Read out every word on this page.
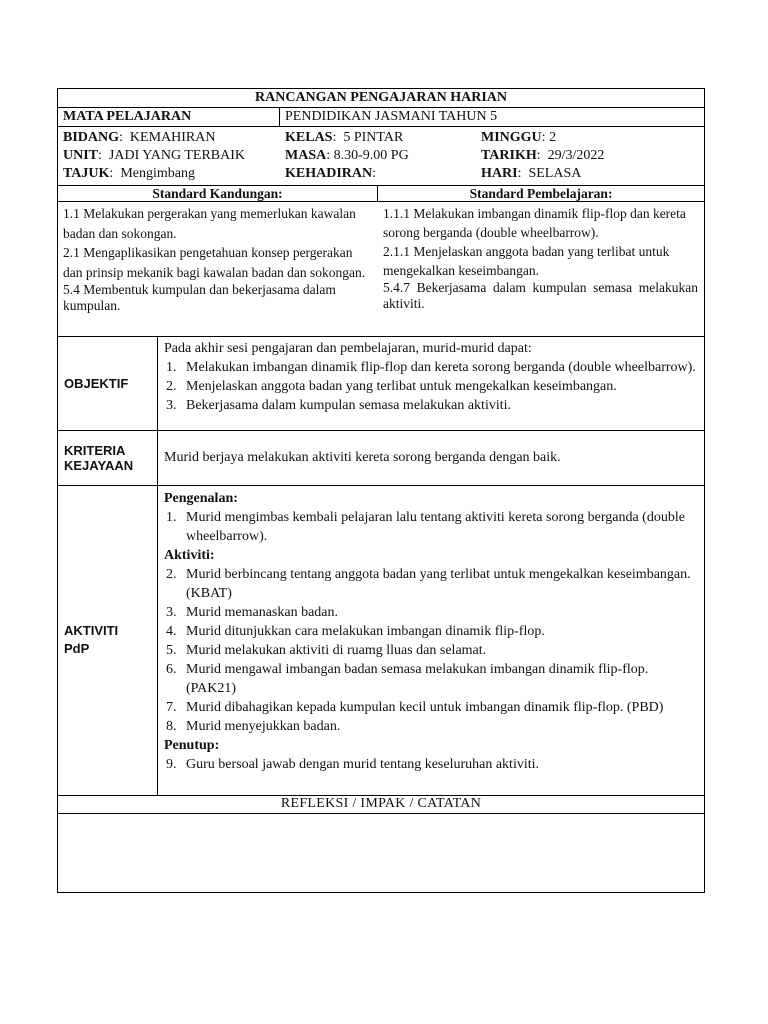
RANCANGAN PENGAJARAN HARIAN
MATA PELAJARAN	PENDIDIKAN JASMANI TAHUN 5
BIDANG:  KEMAHIRAN
UNIT:  JADI YANG TERBAIK
TAJUK:  Mengimbang
KELAS:  5 PINTAR
MASA: 8.30-9.00 PG
KEHADIRAN:
MINGGU: 2
TARIKH:  29/3/2022
HARI:  SELASA
Standard Kandungan:	Standard Pembelajaran:

1.1 Melakukan pergerakan yang memerlukan kawalan badan dan sokongan.

2.1 Mengaplikasikan pengetahuan konsep pergerakan dan prinsip mekanik bagi kawalan badan dan sokongan.

5.4 Membentuk kumpulan dan bekerjasama dalam kumpulan.

1.1.1 Melakukan imbangan dinamik flip-flop dan kereta sorong berganda (double wheelbarrow).

2.1.1 Menjelaskan anggota badan yang terlibat untuk mengekalkan keseimbangan.

5.4.7 Bekerjasama dalam kumpulan semasa melakukan aktiviti.

OBJEKTIF
Pada akhir sesi pengajaran dan pembelajaran, murid-murid dapat:
1. Melakukan imbangan dinamik flip-flop dan kereta sorong berganda (double wheelbarrow).
2. Menjelaskan anggota badan yang terlibat untuk mengekalkan keseimbangan.
3. Bekerjasama dalam kumpulan semasa melakukan aktiviti.
KRITERIA
KEJAYAAN
Murid berjaya melakukan aktiviti kereta sorong berganda dengan baik.
AKTIVITI
PdP
Pengenalan:
1. Murid mengimbas kembali pelajaran lalu tentang aktiviti kereta sorong berganda (double wheelbarrow).
Aktiviti:
2. Murid berbincang tentang anggota badan yang terlibat untuk mengekalkan keseimbangan. (KBAT)
3. Murid memanaskan badan.
4. Murid ditunjukkan cara melakukan imbangan dinamik flip-flop.
5. Murid melakukan aktiviti di ruamg lluas dan selamat.
6. Murid mengawal imbangan badan semasa melakukan imbangan dinamik flip-flop. (PAK21)
7. Murid dibahagikan kepada kumpulan kecil untuk imbangan dinamik flip-flop. (PBD)
8. Murid menyejukkan badan.
Penutup:
9. Guru bersoal jawab dengan murid tentang keseluruhan aktiviti.
REFLEKSI / IMPAK / CATATAN
